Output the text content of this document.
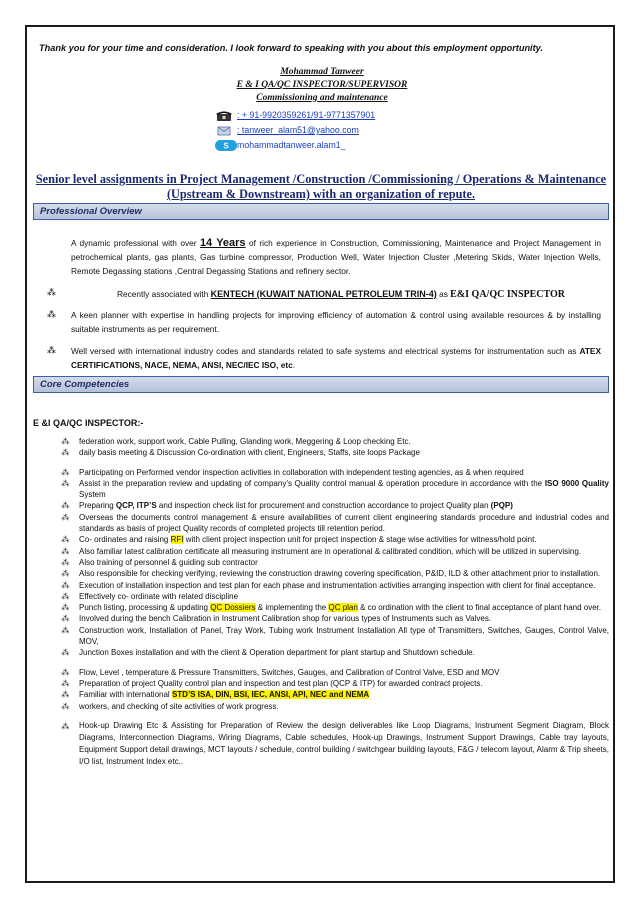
Thank you for your time and consideration. I look forward to speaking with you about this employment opportunity.
Mohammad Tanweer
E & I QA/QC INSPECTOR/SUPERVISOR
Commissioning and maintenance
: + 91-9920359261/91-9771357901
: tanweer_alam51@yahoo.com
S mohammadtanweer.alam1_
Senior level assignments in Project Management /Construction /Commissioning / Operations & Maintenance (Upstream & Downstream) with an organization of repute.
Professional Overview

A dynamic professional with over 14 Years of rich experience in Construction, Commissioning, Maintenance and Project Management in petrochemical plants, gas plants, Gas turbine compressor, Production Well, Water Injection Cluster ,Metering Skids, Water Injection Wells, Remote Degassing stations ,Central Degassing Stations and refinery sector.

⁂	Recently associated with KENTECH (KUWAIT NATIONAL PETROLEUM TRIN-4) as E&I QA/QC INSPECTOR

⁂ A keen planner with expertise in handling projects for improving efficiency of automation & control using available resources & by installing suitable instruments as per requirement.

⁂ Well versed with international industry codes and standards related to safe systems and electrical systems for instrumentation such as ATEX CERTIFICATIONS, NACE, NEMA, ANSI, NEC/IEC ISO, etc.

Core Competencies
E &I QA/QC INSPECTOR:-
⁂ federation work, support work, Cable Pulling, Glanding work, Meggering & Loop checking Etc.
⁂ daily basis meeting & Discussion Co-ordination with client, Engineers, Staffs, site loops Package
⁂ Participating on Performed vendor inspection activities in collaboration with independent testing agencies, as & when required
⁂ Assist in the preparation review and updating of company’s Quality control manual & operation procedure in accordance with the ISO 9000 Quality System
⁂ Preparing QCP, ITP’S and inspection check list for procurement and construction accordance to project Quality plan (PQP)
⁂ Overseas the documents control management & ensure availabilities of current client engineering standards procedure and industrial codes and standards as basis of project Quality records of completed projects till retention period.
⁂ Co- ordinates and raising RFI with client project inspection unit for project inspection & stage wise activities for witness/hold point.
⁂ Also familiar latest calibration certificate all measuring instrument are in operational & calibrated condition, which will be utilized in supervising.
⁂ Also training of personnel & guiding sub contractor
⁂ Also responsible for checking verifying, reviewing the construction drawing covering specification, P&ID, ILD & other attachment prior to installation.
⁂ Execution of installation inspection and test plan for each phase and instrumentation activities arranging inspection with client for final acceptance.
⁂ Effectively co- ordinate with related discipline
⁂ Punch listing, processing & updating QC Dossiers & implementing the QC plan & co ordination with the client to final acceptance of plant hand over.
⁂ Involved during the bench Calibration in Instrument Calibration shop for various types of Instruments such as Valves.
⁂ Construction work, Installation of Panel, Tray Work, Tubing work Instrument Installation All type of Transmitters, Switches, Gauges, Control Valve, MOV,
⁂ Junction Boxes installation and with the client & Operation department for plant startup and Shutdown schedule.
⁂ Flow, Level , temperature & Pressure Transmitters, Switches, Gauges, and Calibration of Control Valve, ESD and MOV
⁂ Preparation of project Quality control plan and inspection and test plan (QCP & ITP) for awarded contract projects.
⁂ Familiar with international STD’S ISA, DIN, BSI, IEC, ANSI, API, NEC and NEMA
⁂ workers, and checking of site activities of work progress.
⁂ Hook-up Drawing Etc & Assisting for Preparation of Review the design deliverables like Loop Diagrams, Instrument Segment Diagram, Block Diagrams, Interconnection Diagrams, Wiring Diagrams, Cable schedules, Hook-up Drawings, Instrument Support Drawings, Cable tray layouts, Equipment Support detail drawings, MCT layouts / schedule, control building / switchgear building layouts, F&G / telecom layout, Alarm & Trip sheets, I/O list, Instrument Index etc..
